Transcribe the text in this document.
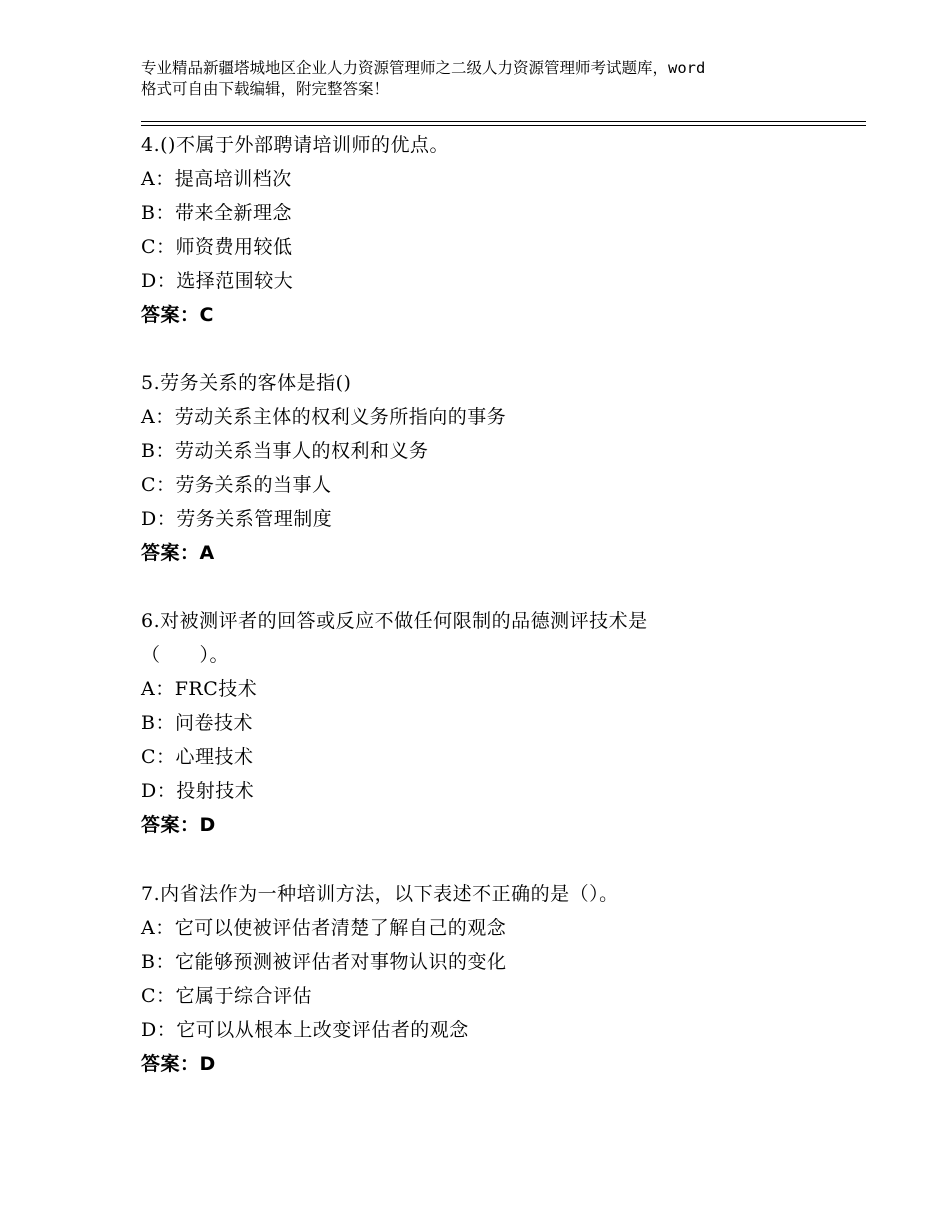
专业精品新疆塔城地区企业人力资源管理师之二级人力资源管理师考试题库，word
格式可自由下载编辑，附完整答案！
4.()不属于外部聘请培训师的优点。
A：提高培训档次
B：带来全新理念
C：师资费用较低
D：选择范围较大
答案：C
5.劳务关系的客体是指()
A：劳动关系主体的权利义务所指向的事务
B：劳动关系当事人的权利和义务
C：劳务关系的当事人
D：劳务关系管理制度
答案：A
6.对被测评者的回答或反应不做任何限制的品德测评技术是
（　　）。
A：FRC技术
B：问卷技术
C：心理技术
D：投射技术
答案：D
7.内省法作为一种培训方法，以下表述不正确的是（）。
A：它可以使被评估者清楚了解自己的观念
B：它能够预测被评估者对事物认识的变化
C：它属于综合评估
D：它可以从根本上改变评估者的观念
答案：D
